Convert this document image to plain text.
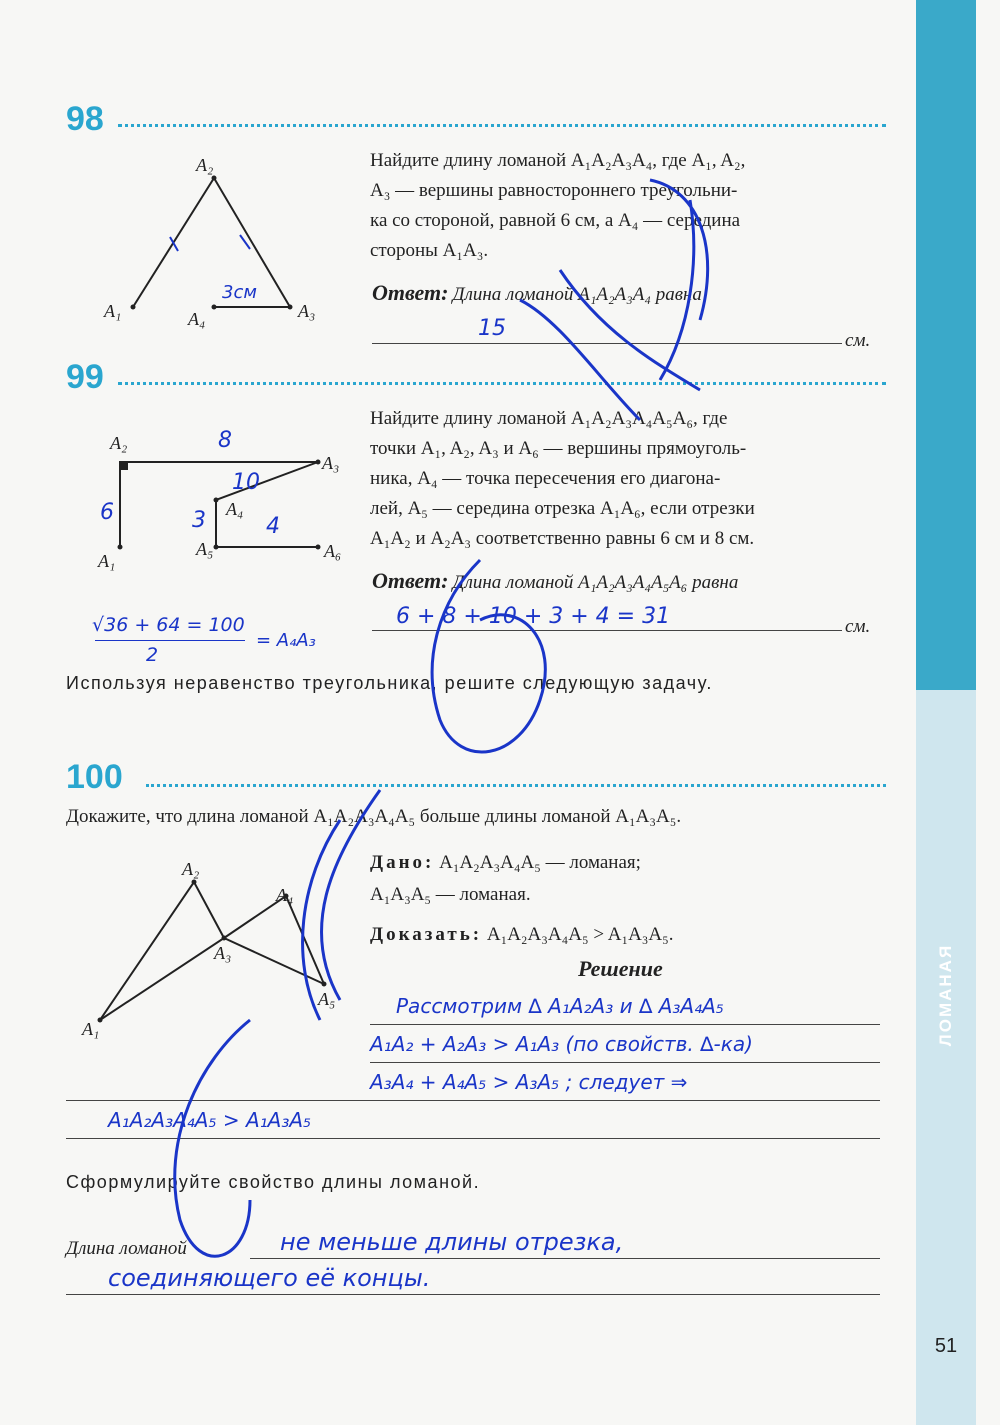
ЛОМАНАЯ
51
98
A₂
A₁	A₄	A₃
3см
Найдите длину ломаной A₁A₂A₃A₄, где A₁, A₂,
A₃ — вершины равностороннего треугольни-
ка со стороной, равной 6 см, а A₄ — середина
стороны A₁A₃.
Ответ: Длина ломаной A₁A₂A₃A₄ равна
15	см.
99
A₂
A₃
A₄
A₅	A₆
A₁
8
6
10
3	4
Найдите длину ломаной A₁A₂A₃A₄A₅A₆, где
точки A₁, A₂, A₃ и A₆ — вершины прямоуголь-
ника, A₄ — точка пересечения его диагона-
лей, A₅ — середина отрезка A₁A₆, если отрезки
A₁A₂ и A₂A₃ соответственно равны 6 см и 8 см.
Ответ: Длина ломаной A₁A₂A₃A₄A₅A₆ равна
6 + 8 + 10 + 3 + 4 = 31	см.
√36 + 64 = 100
2
= A₄A₃
Используя неравенство треугольника, решите следующую задачу.
100
Докажите, что длина ломаной A₁A₂A₃A₄A₅ больше длины ломаной A₁A₃A₅.
A₂
A₄
A₃
A₅
A₁
Дано: A₁A₂A₃A₄A₅ — ломаная;
A₁A₃A₅ — ломаная.
Доказать: A₁A₂A₃A₄A₅ > A₁A₃A₅.
Решение
Рассмотрим ∆ A₁A₂A₃ и ∆ A₃A₄A₅
A₁A₂ + A₂A₃ > A₁A₃ (по свойств. ∆-ка)
A₃A₄ + A₄A₅ > A₃A₅ ; следует ⇒
A₁A₂A₃A₄A₅ > A₁A₃A₅
Сформулируйте свойство длины ломаной.
Длина ломаной	не меньше длины отрезка,
соединяющего её концы.
